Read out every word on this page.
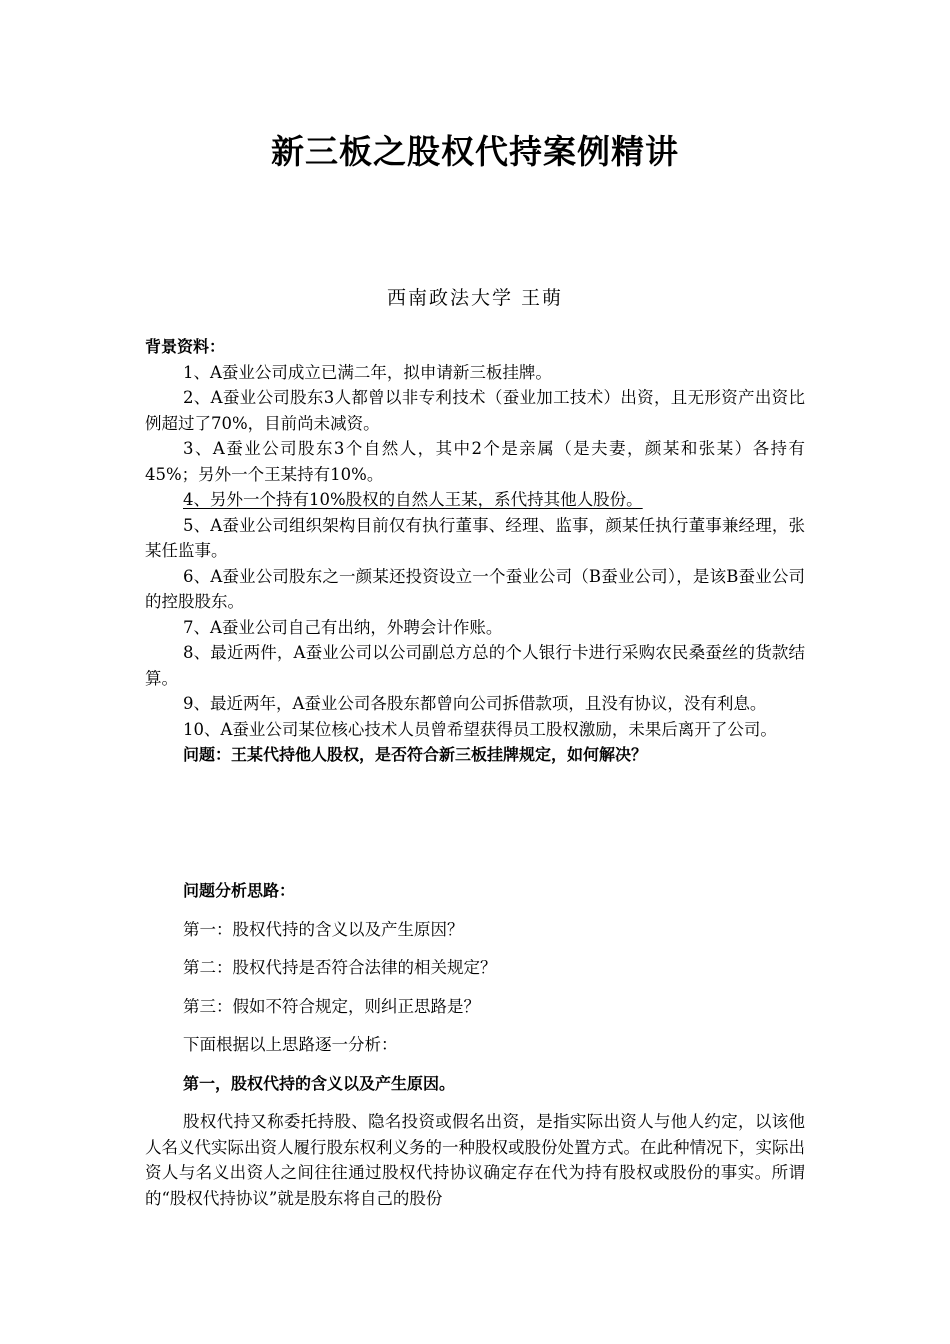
新三板之股权代持案例精讲
西南政法大学 王萌

背景资料：

1、A蚕业公司成立已满二年，拟申请新三板挂牌。

2、A蚕业公司股东3人都曾以非专利技术（蚕业加工技术）出资，且无形资产出资比例超过了70%，目前尚未减资。

3、A蚕业公司股东3个自然人，其中2个是亲属（是夫妻，颜某和张某）各持有45%；另外一个王某持有10%。

4、另外一个持有10%股权的自然人王某，系代持其他人股份。

5、A蚕业公司组织架构目前仅有执行董事、经理、监事，颜某任执行董事兼经理，张某任监事。

6、A蚕业公司股东之一颜某还投资设立一个蚕业公司（B蚕业公司），是该B蚕业公司的控股股东。

7、A蚕业公司自己有出纳，外聘会计作账。

8、最近两件，A蚕业公司以公司副总方总的个人银行卡进行采购农民桑蚕丝的货款结算。

9、最近两年，A蚕业公司各股东都曾向公司拆借款项，且没有协议，没有利息。

10、A蚕业公司某位核心技术人员曾希望获得员工股权激励，未果后离开了公司。

问题：王某代持他人股权，是否符合新三板挂牌规定，如何解决？

问题分析思路：

第一：股权代持的含义以及产生原因？

第二：股权代持是否符合法律的相关规定？

第三：假如不符合规定，则纠正思路是？

下面根据以上思路逐一分析：

第一，股权代持的含义以及产生原因。

股权代持又称委托持股、隐名投资或假名出资，是指实际出资人与他人约定，以该他人名义代实际出资人履行股东权利义务的一种股权或股份处置方式。在此种情况下，实际出资人与名义出资人之间往往通过股权代持协议确定存在代为持有股权或股份的事实。所谓的“股权代持协议”就是股东将自己的股份
